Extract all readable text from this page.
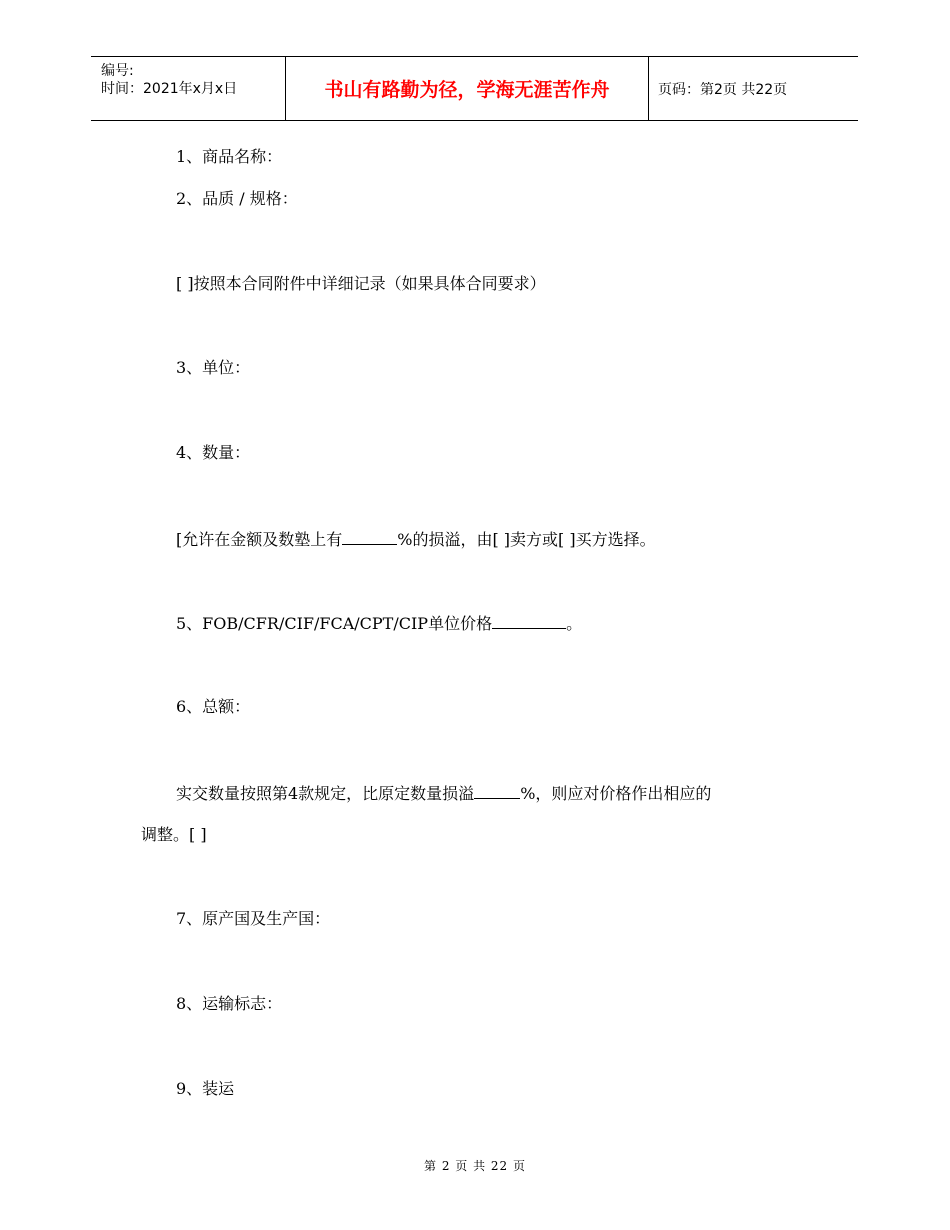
编号:
时间：2021年x月x日	书山有路勤为径，学海无涯苦作舟	页码：第2页 共22页
1、商品名称：
2、品质 / 规格：
[ ]按照本合同附件中详细记录（如果具体合同要求）
3、单位：
4、数量：
[允许在金额及数塾上有	%的损溢，由[ ]卖方或[ ]买方选择。
5、FOB/CFR/CIF/FCA/CPT/CIP单位价格	。
6、总额：
实交数量按照第4款规定，比原定数量损溢	%，则应对价格作出相应的
调整。[ ]
7、原产国及生产国：
8、运输标志：
9、装运
第 2 页 共 22 页
